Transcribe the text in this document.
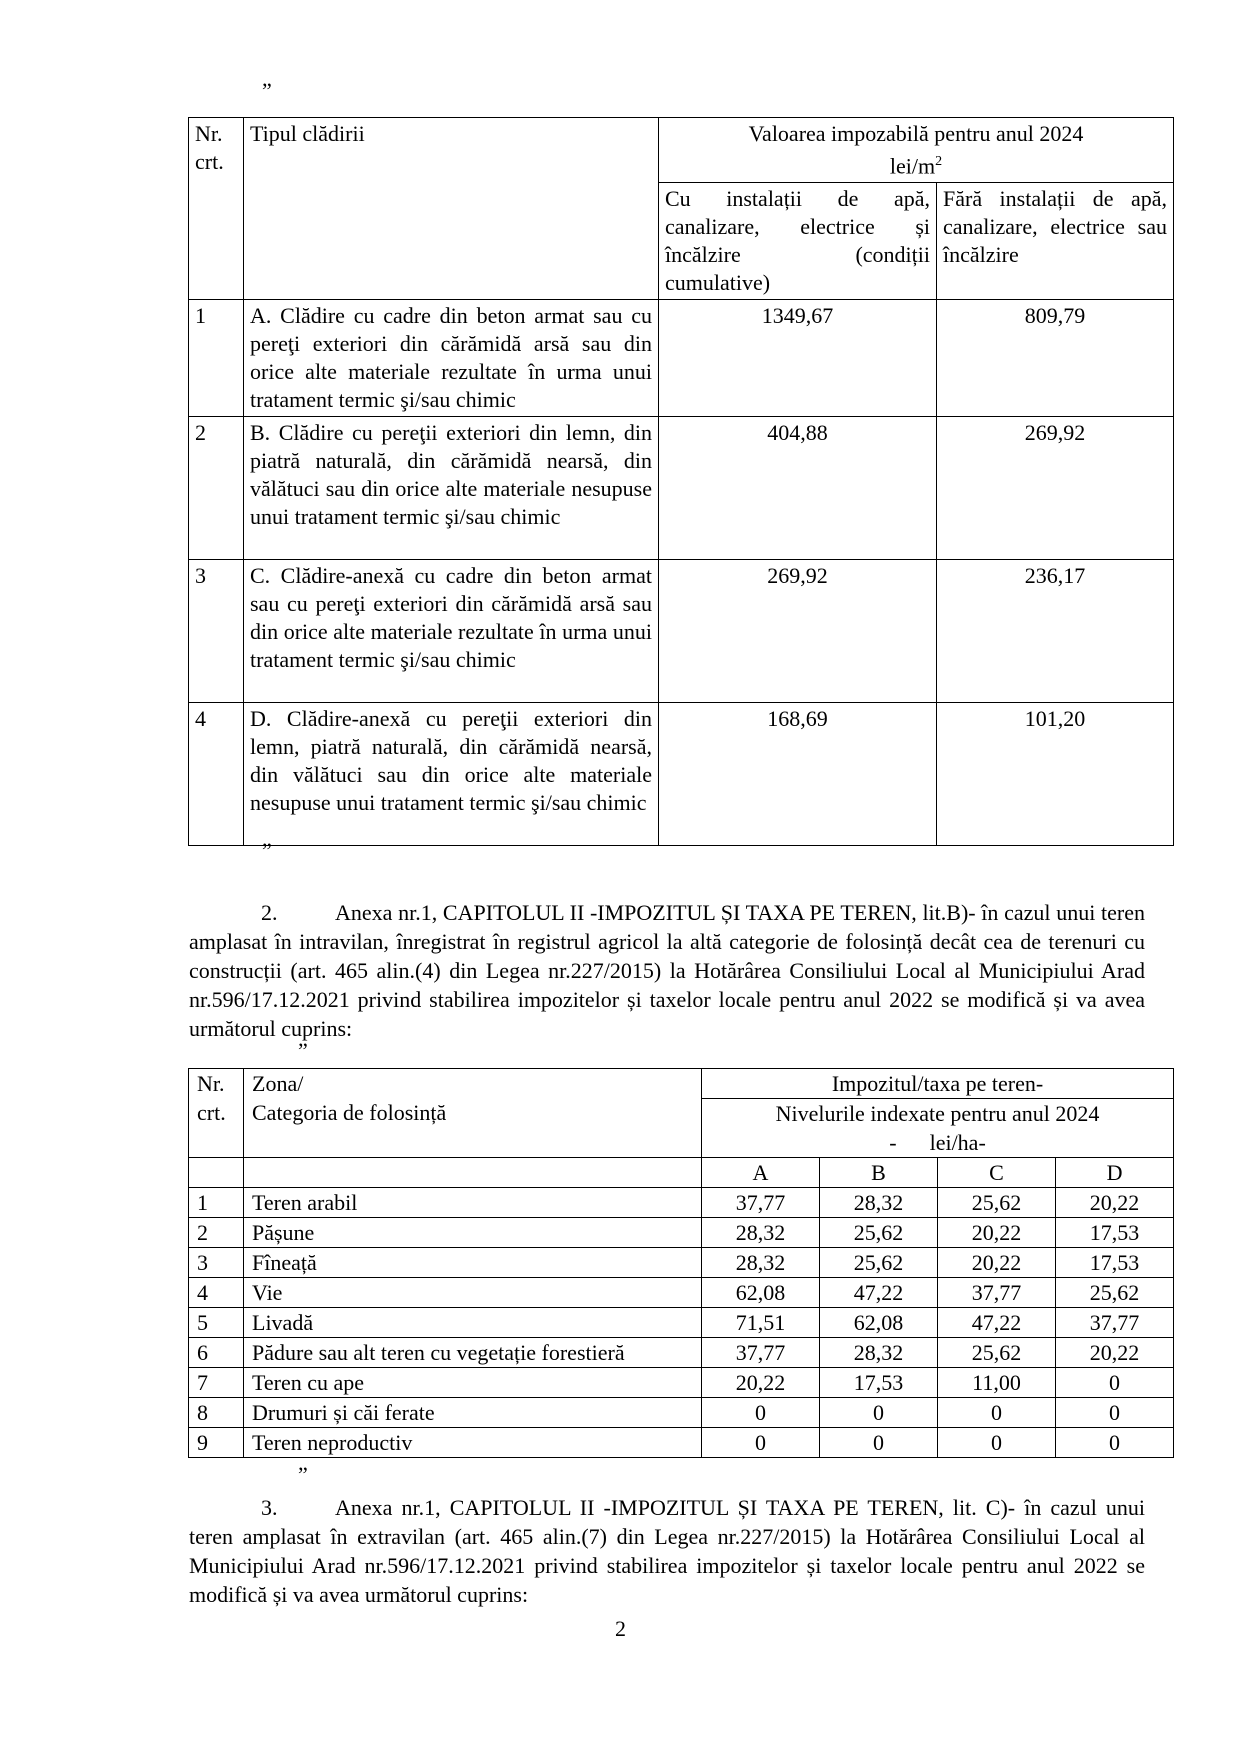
”
Nr. crt.	Tipul clădirii	Valoarea impozabilă pentru anul 2024
lei/$m^2$
		Cu instalații de apă, canalizare, electrice și încălzire (condiții cumulative)	Fără instalații de apă, canalizare, electrice sau încălzire
1	A. Clădire cu cadre din beton armat sau cu pereţi exteriori din cărămidă arsă sau din orice alte materiale rezultate în urma unui tratament termic şi/sau chimic	1349,67	809,79
2	B. Clădire cu pereţii exteriori din lemn, din piatră naturală, din cărămidă nearsă, din vălătuci sau din orice alte materiale nesupuse unui tratament termic şi/sau chimic	404,88	269,92
3	C. Clădire-anexă cu cadre din beton armat sau cu pereţi exteriori din cărămidă arsă sau din orice alte materiale rezultate în urma unui tratament termic şi/sau chimic	269,92	236,17
4	D. Clădire-anexă cu pereţii exteriori din lemn, piatră naturală, din cărămidă nearsă, din vălătuci sau din orice alte materiale nesupuse unui tratament termic şi/sau chimic	168,69	101,20
”
2.	Anexa nr.1, CAPITOLUL II -IMPOZITUL ȘI TAXA PE TEREN, lit.B)- în cazul unui teren amplasat în intravilan, înregistrat în registrul agricol la altă categorie de folosință decât cea de terenuri cu construcții (art. 465 alin.(4) din Legea nr.227/2015) la Hotărârea Consiliului Local al Municipiului Arad nr.596/17.12.2021 privind stabilirea impozitelor și taxelor locale pentru anul 2022 se modifică și va avea următorul cuprins:
”
Nr. crt.	Zona/
Categoria de folosință	Impozitul/taxa pe teren-			
		Nivelurile indexate pentru anul 2024
-      lei/ha-			

		A	B	C	D
1	Teren arabil	37,77	28,32	25,62	20,22
2	Pășune	28,32	25,62	20,22	17,53
3	Fîneață	28,32	25,62	20,22	17,53
4	Vie	62,08	47,22	37,77	25,62
5	Livadă	71,51	62,08	47,22	37,77
6	Pădure sau alt teren cu vegetație forestieră	37,77	28,32	25,62	20,22
7	Teren cu ape	20,22	17,53	11,00	0
8	Drumuri și căi ferate	0	0	0	0
9	Teren neproductiv	0	0	0	0
”
3.	Anexa nr.1, CAPITOLUL II -IMPOZITUL ȘI TAXA PE TEREN, lit. C)- în cazul unui teren amplasat în extravilan (art. 465 alin.(7) din Legea nr.227/2015) la Hotărârea Consiliului Local al Municipiului Arad nr.596/17.12.2021 privind stabilirea impozitelor și taxelor locale pentru anul 2022 se modifică și va avea următorul cuprins:
2
